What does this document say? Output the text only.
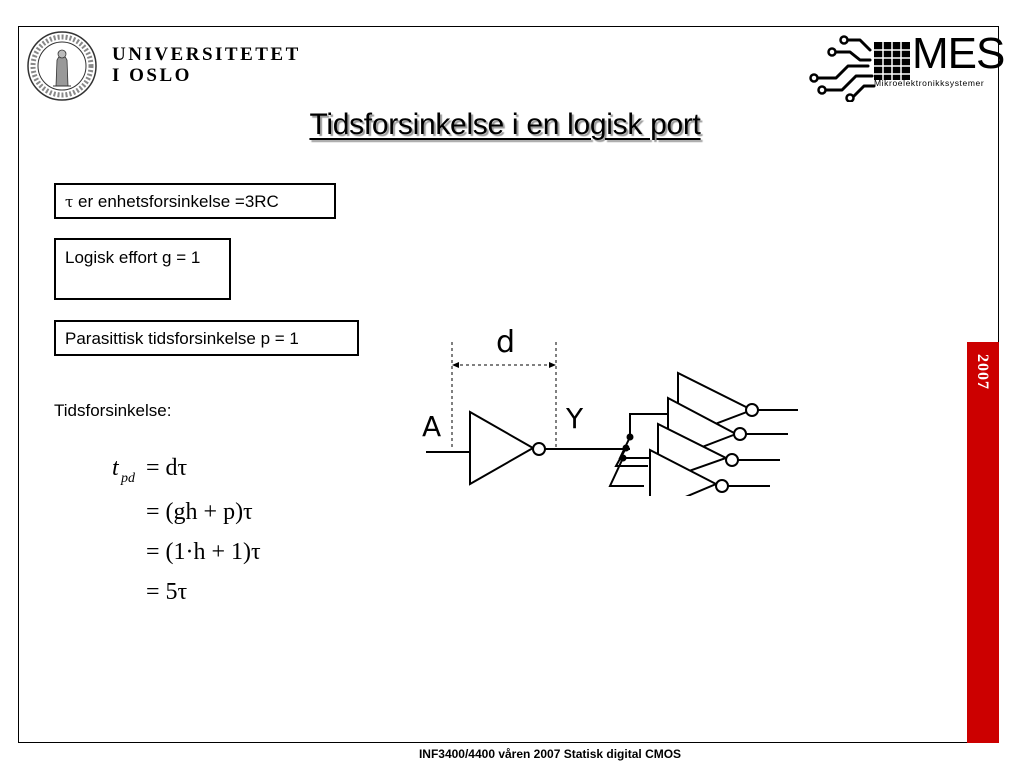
UNIVERSITETET
I OSLO	MES
Mikroelektronikksystemer
Tidsforsinkelse i en logisk port
τ er enhetsforsinkelse =3RC
Logisk effort g = 1
Parasittisk tidsforsinkelse p = 1
Tidsforsinkelse:
t pd = dτ
= (gh + p)τ
= (1·h + 1)τ
= 5τ
d
A	Y
2007
INF3400/4400 våren 2007 Statisk digital CMOS
